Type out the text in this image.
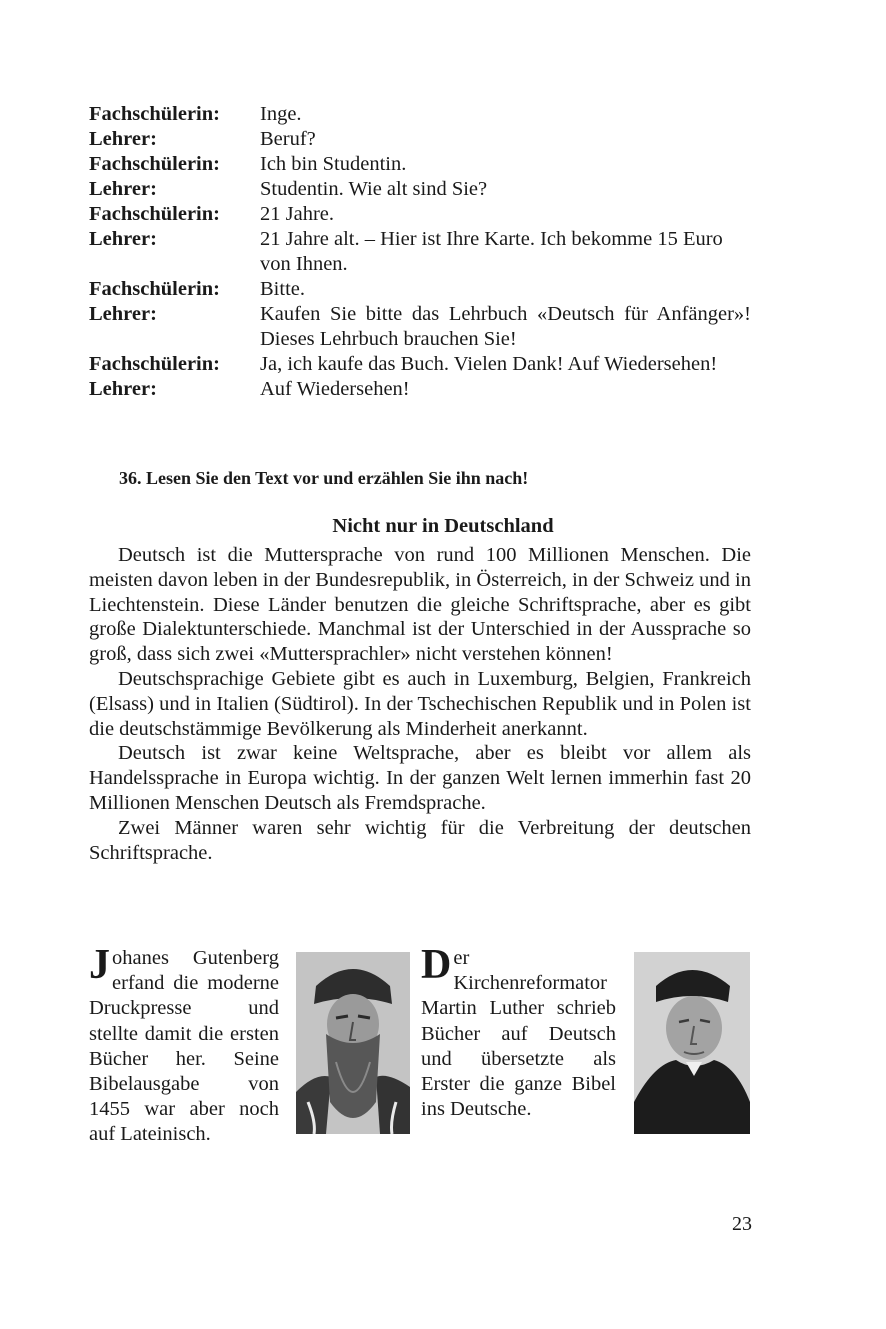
Fachschülerin:	Inge.
Lehrer:	Beruf?
Fachschülerin:	Ich bin Studentin.
Lehrer:	Studentin. Wie alt sind Sie?
Fachschülerin:	21 Jahre.
Lehrer:	21 Jahre alt. – Hier ist Ihre Karte. Ich bekomme 15 Euro von Ihnen.
Fachschülerin:	Bitte.
Lehrer:	Kaufen Sie bitte das Lehrbuch «Deutsch für Anfänger»! Dieses Lehrbuch brauchen Sie!
Fachschülerin:	Ja, ich kaufe das Buch. Vielen Dank! Auf Wiedersehen!
Lehrer:	Auf Wiedersehen!
36. Lesen Sie den Text vor und erzählen Sie ihn nach!
Nicht nur in Deutschland

Deutsch ist die Muttersprache von rund 100 Millionen Menschen. Die meisten davon leben in der Bundesrepublik, in Österreich, in der Schweiz und in Liechtenstein. Diese Länder benutzen die gleiche Schriftsprache, aber es gibt große Dialektunterschiede. Manchmal ist der Unterschied in der Aussprache so groß, dass sich zwei «Muttersprachler» nicht verstehen können!

Deutschsprachige Gebiete gibt es auch in Luxemburg, Belgien, Frankreich (Elsass) und in Italien (Südtirol). In der Tschechischen Republik und in Polen ist die deutschstämmige Bevölkerung als Minderheit anerkannt.

Deutsch ist zwar keine Weltsprache, aber es bleibt vor allem als Handelssprache in Europa wichtig. In der ganzen Welt lernen immerhin fast 20 Millionen Menschen Deutsch als Fremdsprache.

Zwei Männer waren sehr wichtig für die Verbreitung der deutschen Schriftsprache.

Johanes Gutenberg erfand die moderne Druckpresse und stellte damit die ersten Bücher her. Seine Bibelausgabe von 1455 war aber noch auf Lateinisch.
Der Kirchenreformator Martin Luther schrieb Bücher auf Deutsch und übersetzte als Erster die ganze Bibel ins Deutsche.
23
